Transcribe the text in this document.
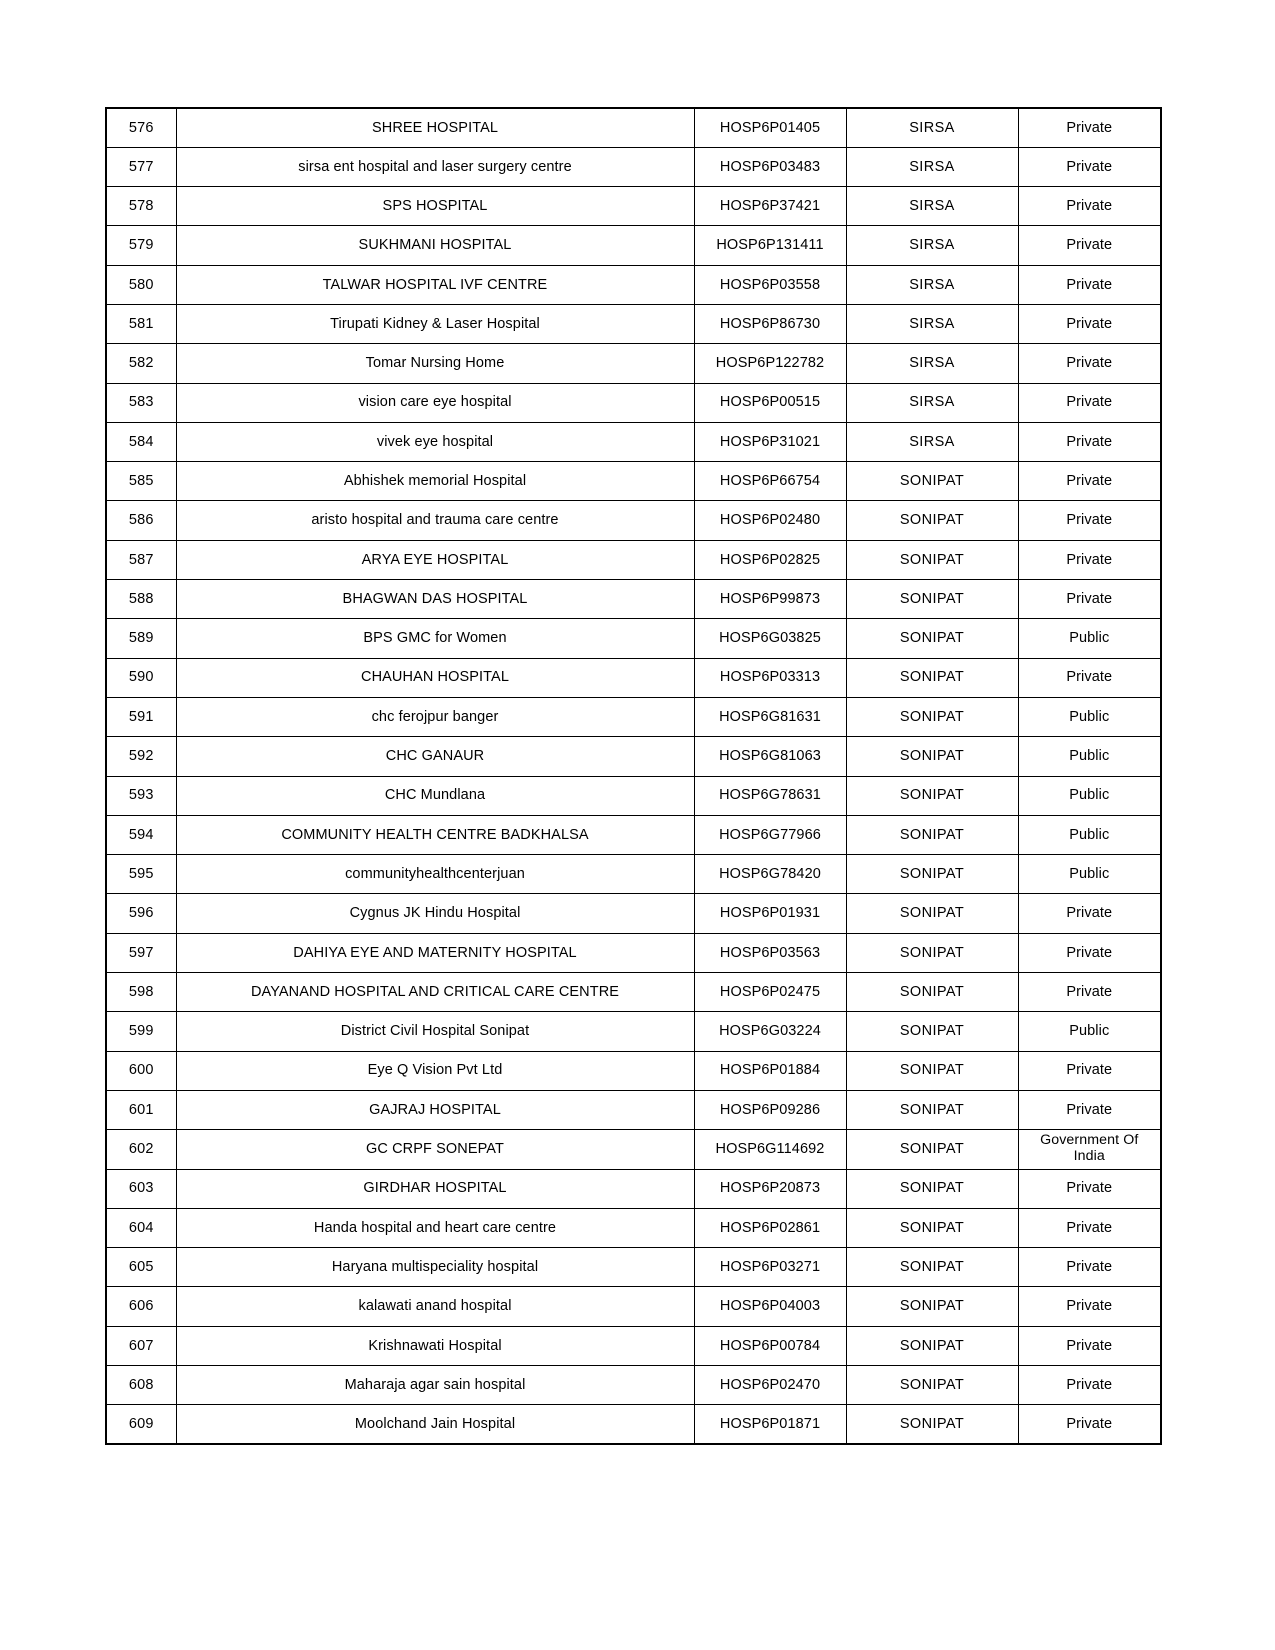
576	SHREE HOSPITAL	HOSP6P01405	SIRSA	Private
577	sirsa ent hospital and laser surgery centre	HOSP6P03483	SIRSA	Private
578	SPS HOSPITAL	HOSP6P37421	SIRSA	Private
579	SUKHMANI HOSPITAL	HOSP6P131411	SIRSA	Private
580	TALWAR HOSPITAL IVF CENTRE	HOSP6P03558	SIRSA	Private
581	Tirupati Kidney & Laser Hospital	HOSP6P86730	SIRSA	Private
582	Tomar Nursing Home	HOSP6P122782	SIRSA	Private
583	vision care eye hospital	HOSP6P00515	SIRSA	Private
584	vivek eye hospital	HOSP6P31021	SIRSA	Private
585	Abhishek memorial Hospital	HOSP6P66754	SONIPAT	Private
586	aristo hospital and trauma care centre	HOSP6P02480	SONIPAT	Private
587	ARYA EYE HOSPITAL	HOSP6P02825	SONIPAT	Private
588	BHAGWAN DAS HOSPITAL	HOSP6P99873	SONIPAT	Private
589	BPS GMC for Women	HOSP6G03825	SONIPAT	Public
590	CHAUHAN HOSPITAL	HOSP6P03313	SONIPAT	Private
591	chc ferojpur banger	HOSP6G81631	SONIPAT	Public
592	CHC GANAUR	HOSP6G81063	SONIPAT	Public
593	CHC Mundlana	HOSP6G78631	SONIPAT	Public
594	COMMUNITY HEALTH CENTRE BADKHALSA	HOSP6G77966	SONIPAT	Public
595	communityhealthcenterjuan	HOSP6G78420	SONIPAT	Public
596	Cygnus JK Hindu Hospital	HOSP6P01931	SONIPAT	Private
597	DAHIYA EYE AND MATERNITY HOSPITAL	HOSP6P03563	SONIPAT	Private
598	DAYANAND HOSPITAL AND CRITICAL CARE CENTRE	HOSP6P02475	SONIPAT	Private
599	District Civil Hospital Sonipat	HOSP6G03224	SONIPAT	Public
600	Eye Q Vision Pvt Ltd	HOSP6P01884	SONIPAT	Private
601	GAJRAJ HOSPITAL	HOSP6P09286	SONIPAT	Private
602	GC CRPF SONEPAT	HOSP6G114692	SONIPAT	Government Of India
603	GIRDHAR HOSPITAL	HOSP6P20873	SONIPAT	Private
604	Handa hospital and heart care centre	HOSP6P02861	SONIPAT	Private
605	Haryana multispeciality hospital	HOSP6P03271	SONIPAT	Private
606	kalawati anand hospital	HOSP6P04003	SONIPAT	Private
607	Krishnawati Hospital	HOSP6P00784	SONIPAT	Private
608	Maharaja agar sain hospital	HOSP6P02470	SONIPAT	Private
609	Moolchand Jain Hospital	HOSP6P01871	SONIPAT	Private
